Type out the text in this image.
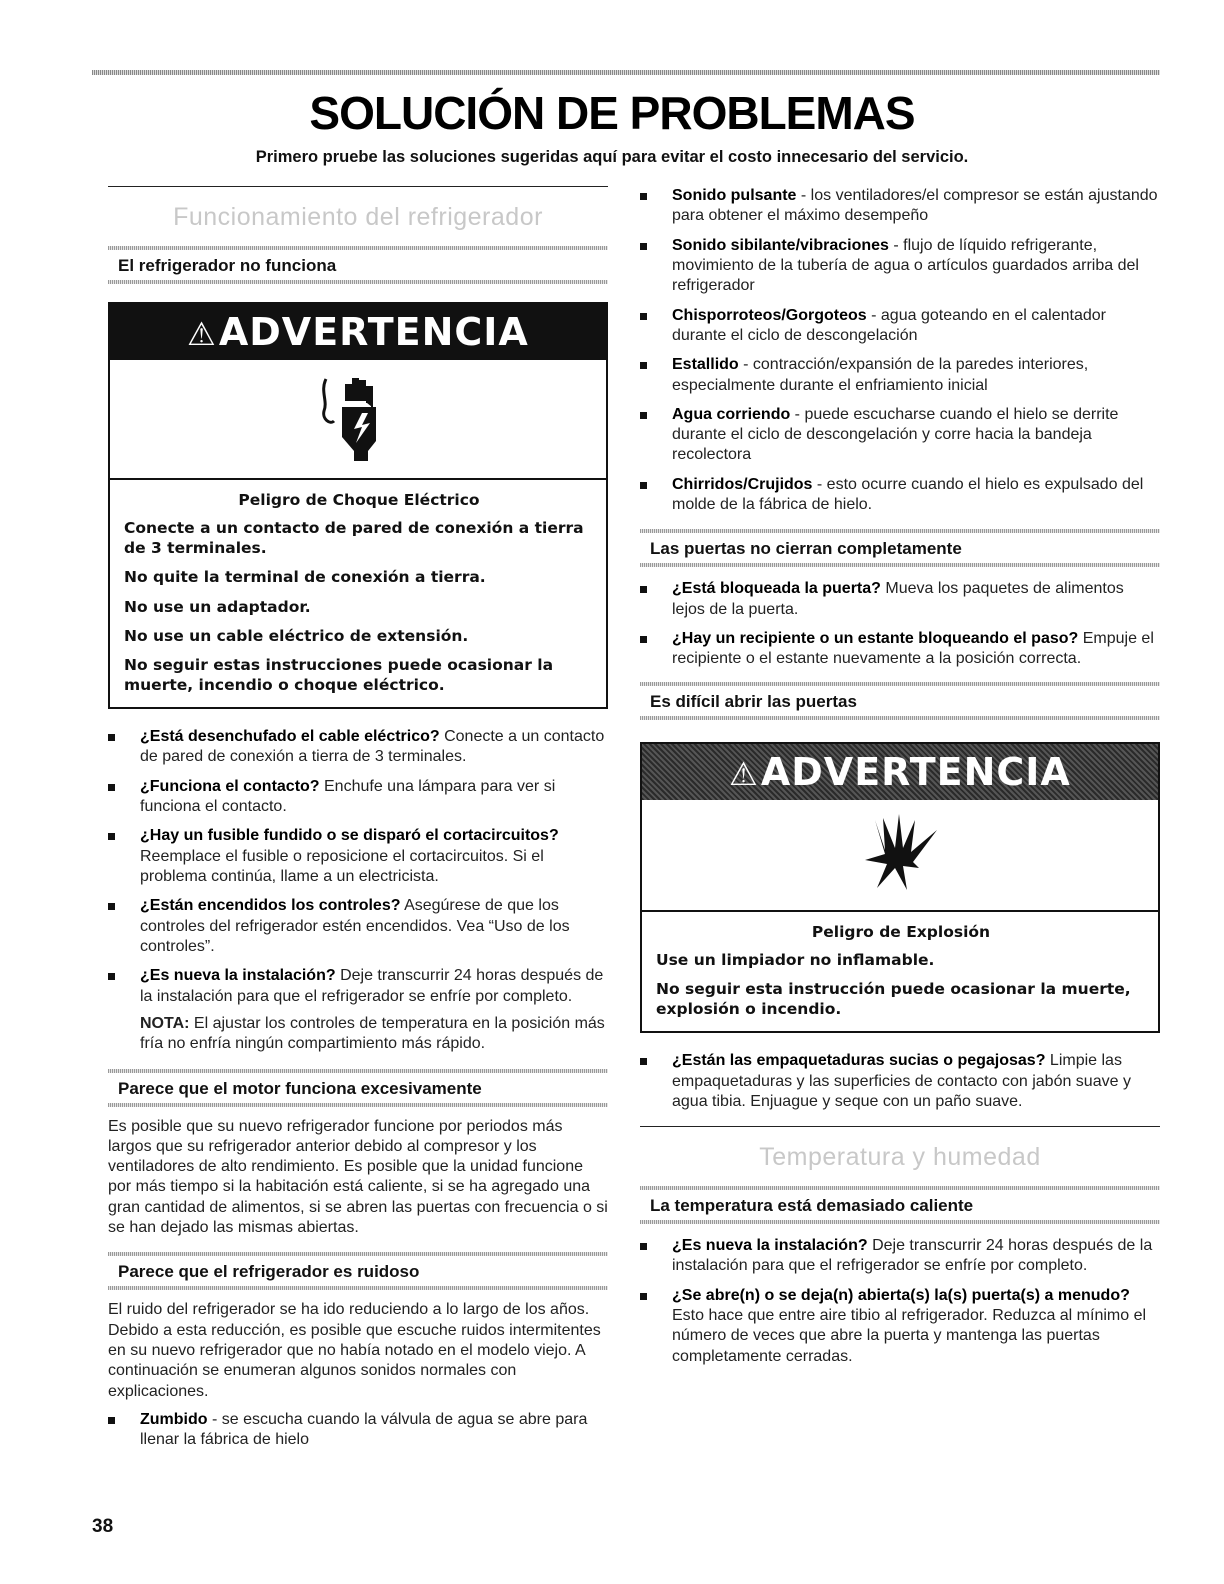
SOLUCIÓN DE PROBLEMAS
Primero pruebe las soluciones sugeridas aquí para evitar el costo innecesario del servicio.
Funcionamiento del refrigerador
El refrigerador no funciona
⚠ADVERTENCIA
Peligro de Choque Eléctrico

Conecte a un contacto de pared de conexión a tierra de 3 terminales.

No quite la terminal de conexión a tierra.

No use un adaptador.

No use un cable eléctrico de extensión.

No seguir estas instrucciones puede ocasionar la muerte, incendio o choque eléctrico.

¿Está desenchufado el cable eléctrico? Conecte a un contacto de pared de conexión a tierra de 3 terminales.
¿Funciona el contacto? Enchufe una lámpara para ver si funciona el contacto.
¿Hay un fusible fundido o se disparó el cortacircuitos? Reemplace el fusible o reposicione el cortacircuitos. Si el problema continúa, llame a un electricista.
¿Están encendidos los controles? Asegúrese de que los controles del refrigerador estén encendidos. Vea “Uso de los controles”.
¿Es nueva la instalación? Deje transcurrir 24 horas después de la instalación para que el refrigerador se enfríe por completo.
NOTA: El ajustar los controles de temperatura en la posición más fría no enfría ningún compartimiento más rápido.
Parece que el motor funciona excesivamente

Es posible que su nuevo refrigerador funcione por periodos más largos que su refrigerador anterior debido al compresor y los ventiladores de alto rendimiento. Es posible que la unidad funcione por más tiempo si la habitación está caliente, si se ha agregado una gran cantidad de alimentos, si se abren las puertas con frecuencia o si se han dejado las mismas abiertas.

Parece que el refrigerador es ruidoso

El ruido del refrigerador se ha ido reduciendo a lo largo de los años. Debido a esta reducción, es posible que escuche ruidos intermitentes en su nuevo refrigerador que no había notado en el modelo viejo. A continuación se enumeran algunos sonidos normales con explicaciones.

Zumbido - se escucha cuando la válvula de agua se abre para llenar la fábrica de hielo
Sonido pulsante - los ventiladores/el compresor se están ajustando para obtener el máximo desempeño
Sonido sibilante/vibraciones - flujo de líquido refrigerante, movimiento de la tubería de agua o artículos guardados arriba del refrigerador
Chisporroteos/Gorgoteos - agua goteando en el calentador durante el ciclo de descongelación
Estallido - contracción/expansión de la paredes interiores, especialmente durante el enfriamiento inicial
Agua corriendo - puede escucharse cuando el hielo se derrite durante el ciclo de descongelación y corre hacia la bandeja recolectora
Chirridos/Crujidos - esto ocurre cuando el hielo es expulsado del molde de la fábrica de hielo.
Las puertas no cierran completamente
¿Está bloqueada la puerta? Mueva los paquetes de alimentos lejos de la puerta.
¿Hay un recipiente o un estante bloqueando el paso? Empuje el recipiente o el estante nuevamente a la posición correcta.
Es difícil abrir las puertas
⚠ADVERTENCIA
Peligro de Explosión

Use un limpiador no inflamable.

No seguir esta instrucción puede ocasionar la muerte, explosión o incendio.

¿Están las empaquetaduras sucias o pegajosas? Limpie las empaquetaduras y las superficies de contacto con jabón suave y agua tibia. Enjuague y seque con un paño suave.
Temperatura y humedad
La temperatura está demasiado caliente
¿Es nueva la instalación? Deje transcurrir 24 horas después de la instalación para que el refrigerador se enfríe por completo.
¿Se abre(n) o se deja(n) abierta(s) la(s) puerta(s) a menudo? Esto hace que entre aire tibio al refrigerador. Reduzca al mínimo el número de veces que abre la puerta y mantenga las puertas completamente cerradas.
38
